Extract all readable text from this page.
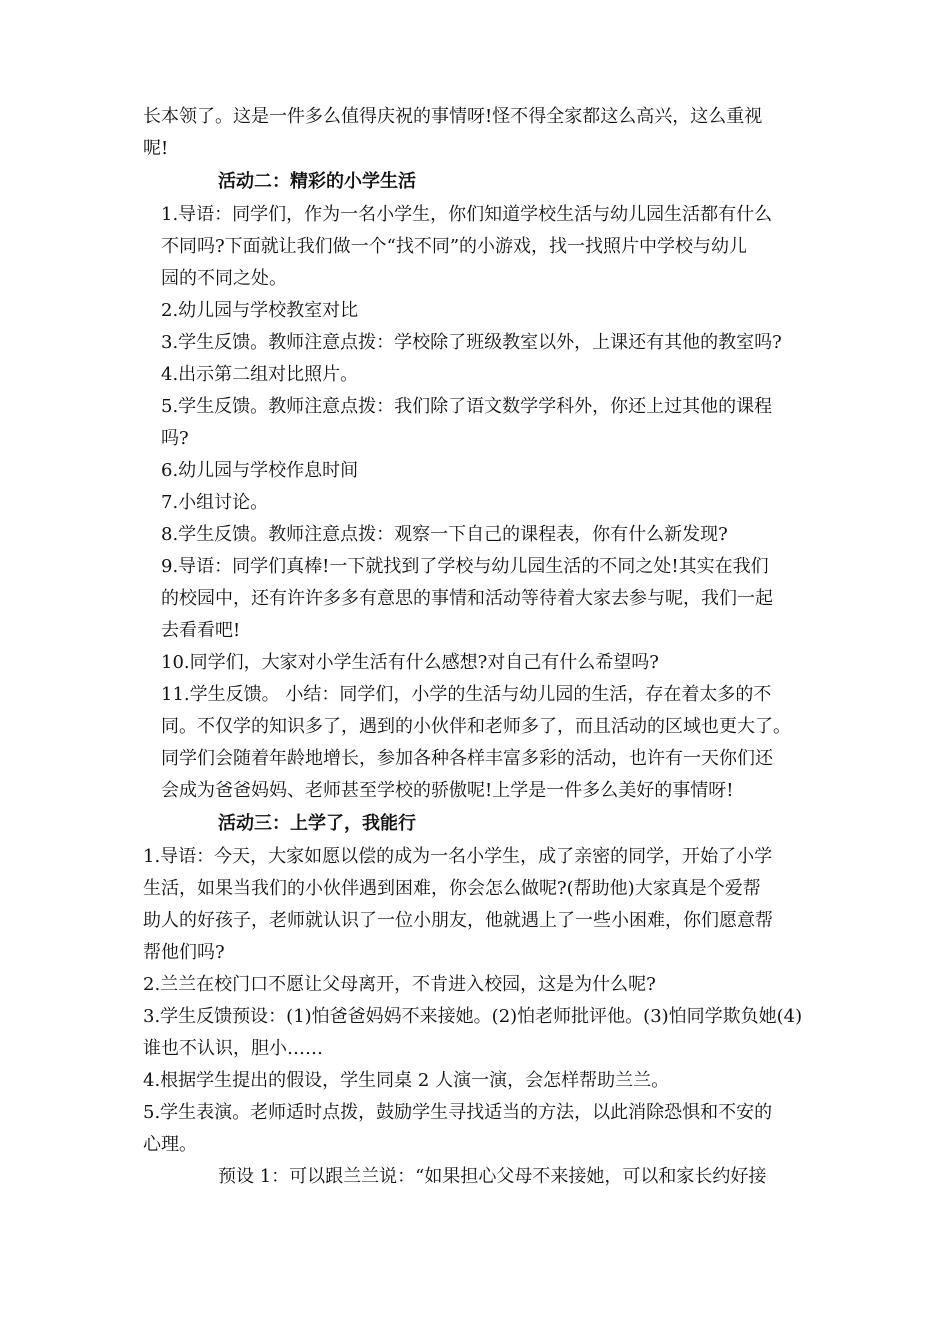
长本领了。这是一件多么值得庆祝的事情呀!怪不得全家都这么高兴，这么重视
呢!
活动二：精彩的小学生活
1.导语：同学们，作为一名小学生，你们知道学校生活与幼儿园生活都有什么
不同吗?下面就让我们做一个“找不同”的小游戏，找一找照片中学校与幼儿
园的不同之处。
2.幼儿园与学校教室对比
3.学生反馈。教师注意点拨：学校除了班级教室以外，上课还有其他的教室吗?
4.出示第二组对比照片。
5.学生反馈。教师注意点拨：我们除了语文数学学科外，你还上过其他的课程
吗?
6.幼儿园与学校作息时间
7.小组讨论。
8.学生反馈。教师注意点拨：观察一下自己的课程表，你有什么新发现?
9.导语：同学们真棒!一下就找到了学校与幼儿园生活的不同之处!其实在我们
的校园中，还有许许多多有意思的事情和活动等待着大家去参与呢，我们一起
去看看吧!
10.同学们，大家对小学生活有什么感想?对自己有什么希望吗?
11.学生反馈。 小结：同学们，小学的生活与幼儿园的生活，存在着太多的不
同。不仅学的知识多了，遇到的小伙伴和老师多了，而且活动的区域也更大了。
同学们会随着年龄地增长，参加各种各样丰富多彩的活动，也许有一天你们还
会成为爸爸妈妈、老师甚至学校的骄傲呢!上学是一件多么美好的事情呀!
活动三：上学了，我能行
1.导语：今天，大家如愿以偿的成为一名小学生，成了亲密的同学，开始了小学
生活，如果当我们的小伙伴遇到困难，你会怎么做呢?(帮助他)大家真是个爱帮
助人的好孩子，老师就认识了一位小朋友，他就遇上了一些小困难，你们愿意帮
帮他们吗?
2.兰兰在校门口不愿让父母离开，不肯进入校园，这是为什么呢?
3.学生反馈预设：(1)怕爸爸妈妈不来接她。(2)怕老师批评他。(3)怕同学欺负她(4)
谁也不认识，胆小……
4.根据学生提出的假设，学生同桌 2 人演一演，会怎样帮助兰兰。
5.学生表演。老师适时点拨，鼓励学生寻找适当的方法，以此消除恐惧和不安的
心理。
预设 1：可以跟兰兰说：“如果担心父母不来接她，可以和家长约好接
